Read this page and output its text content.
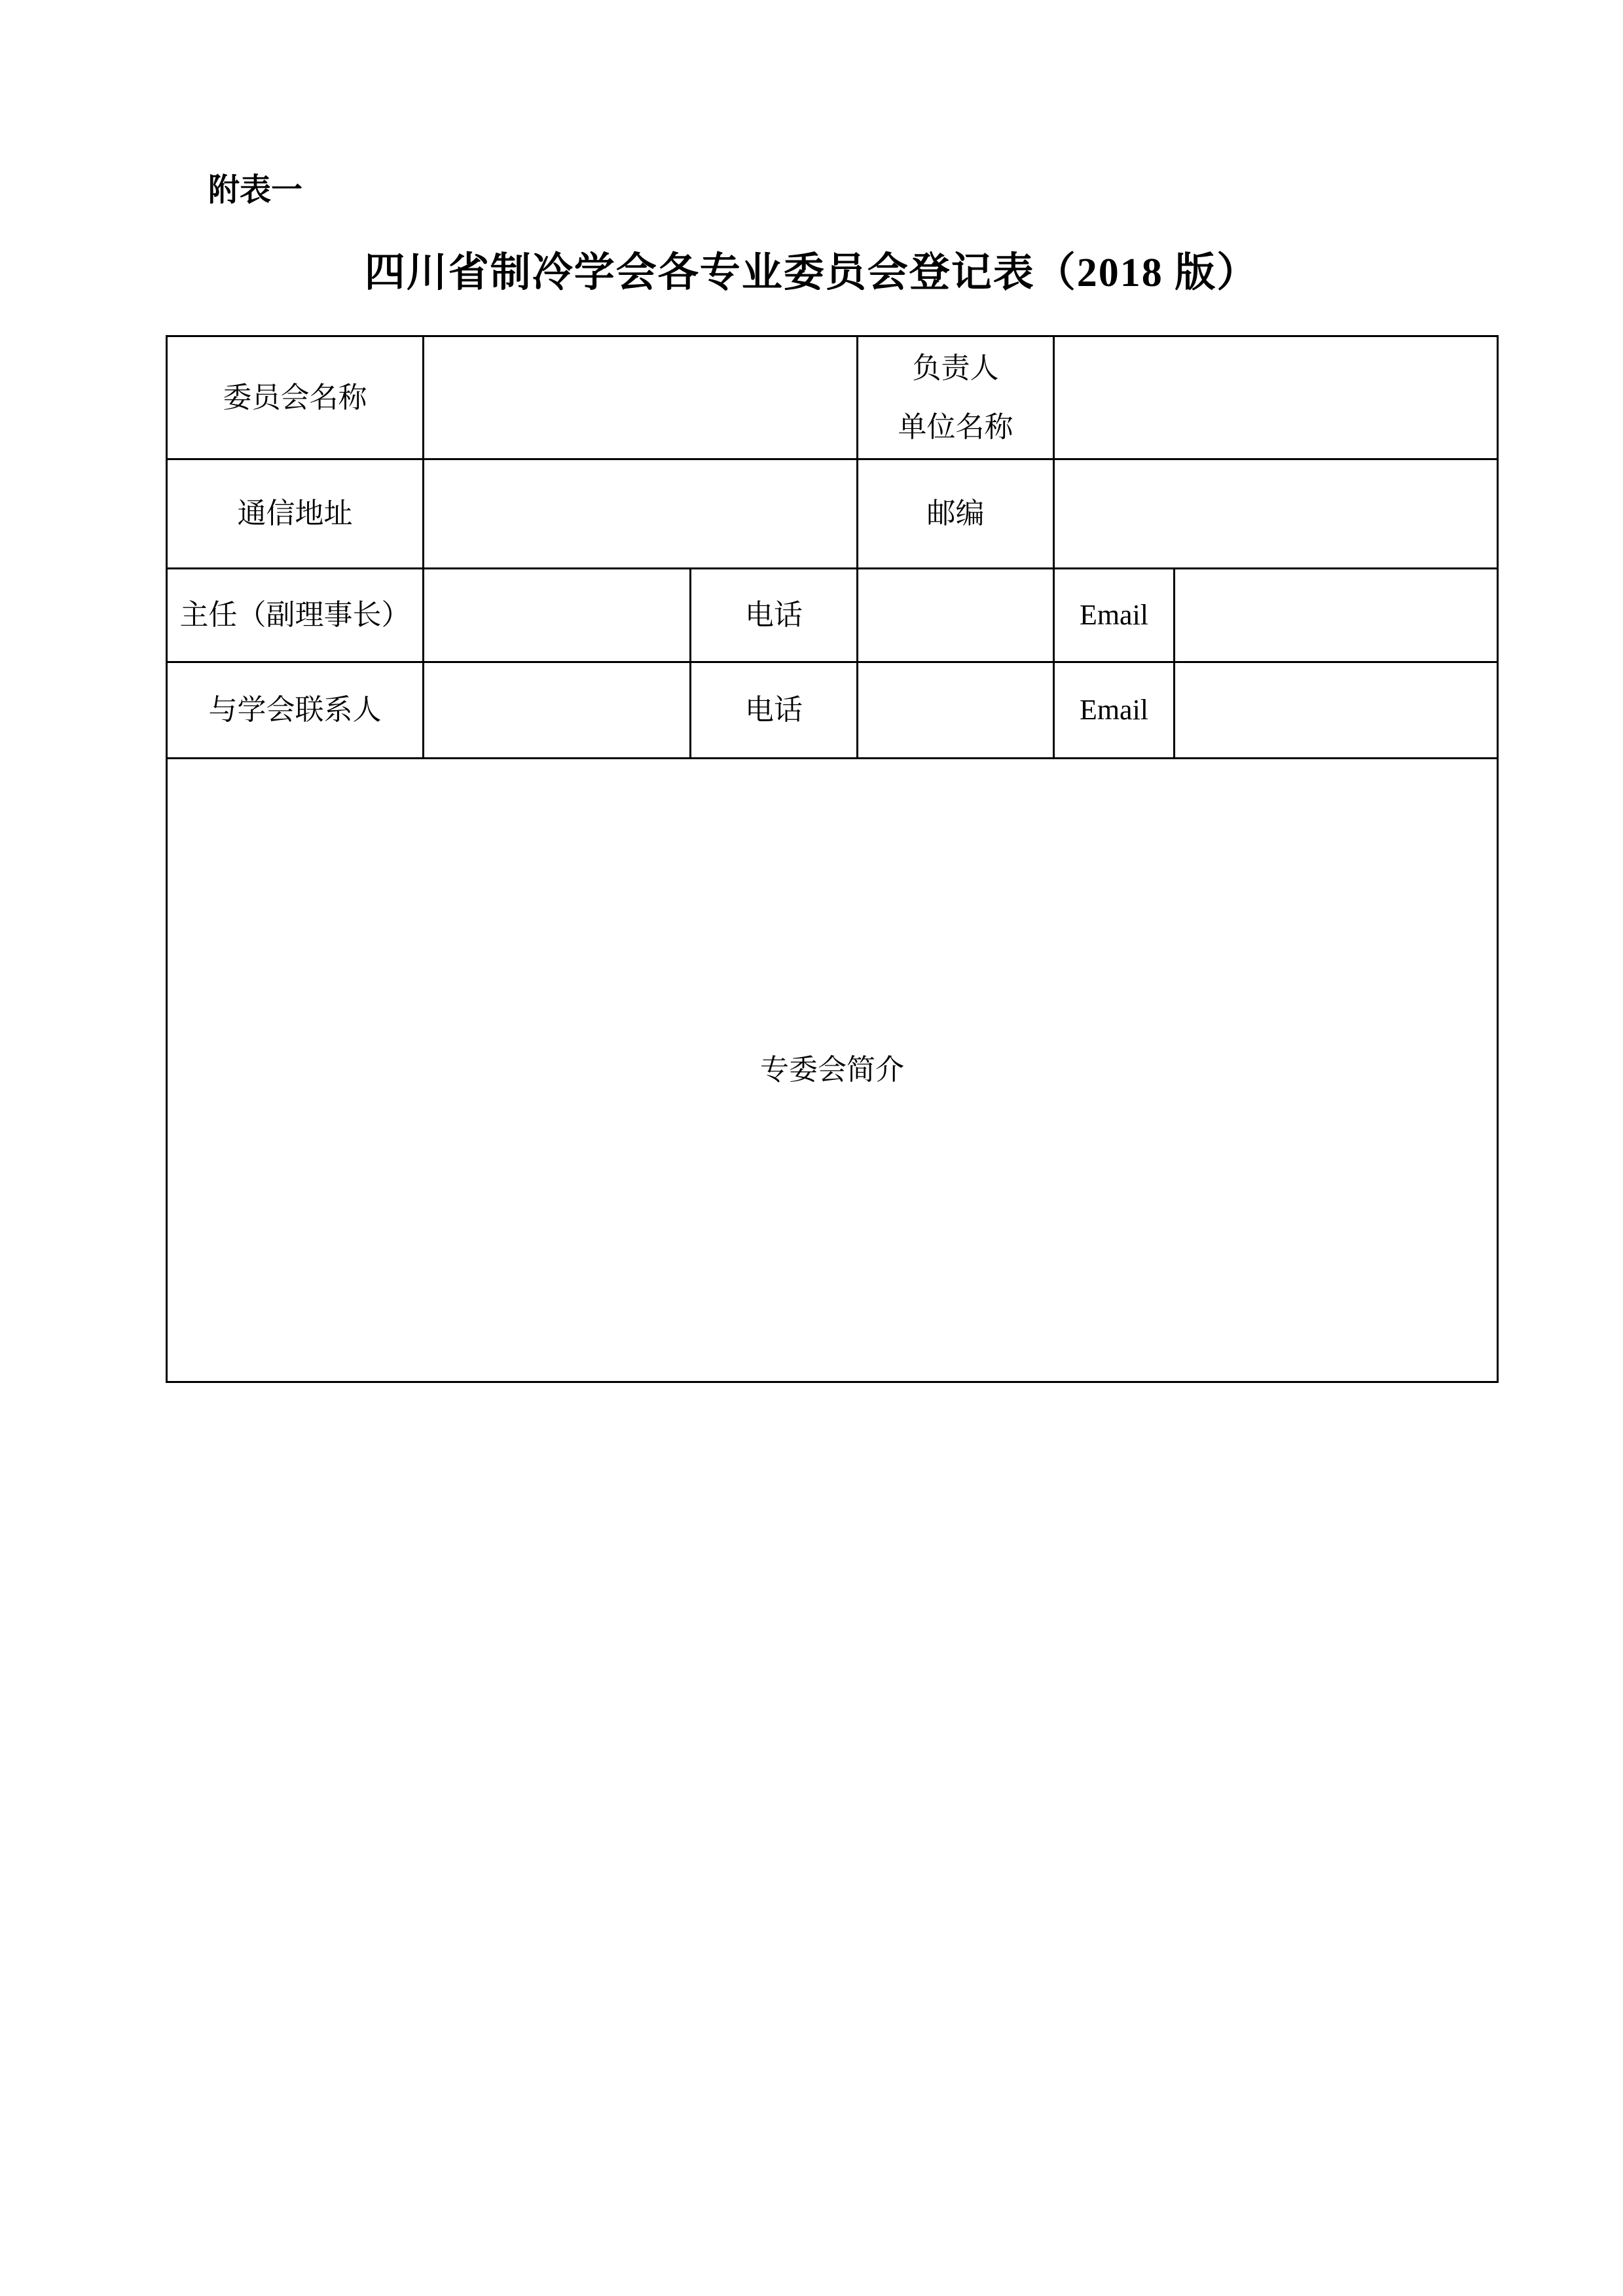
附表一
四川省制冷学会各专业委员会登记表（2018 版）
委员会名称			负责人
单位名称		

通信地址			邮编		
主任（副理事长）		电话		Email	
与学会联系人		电话		Email	

专委会简介					
